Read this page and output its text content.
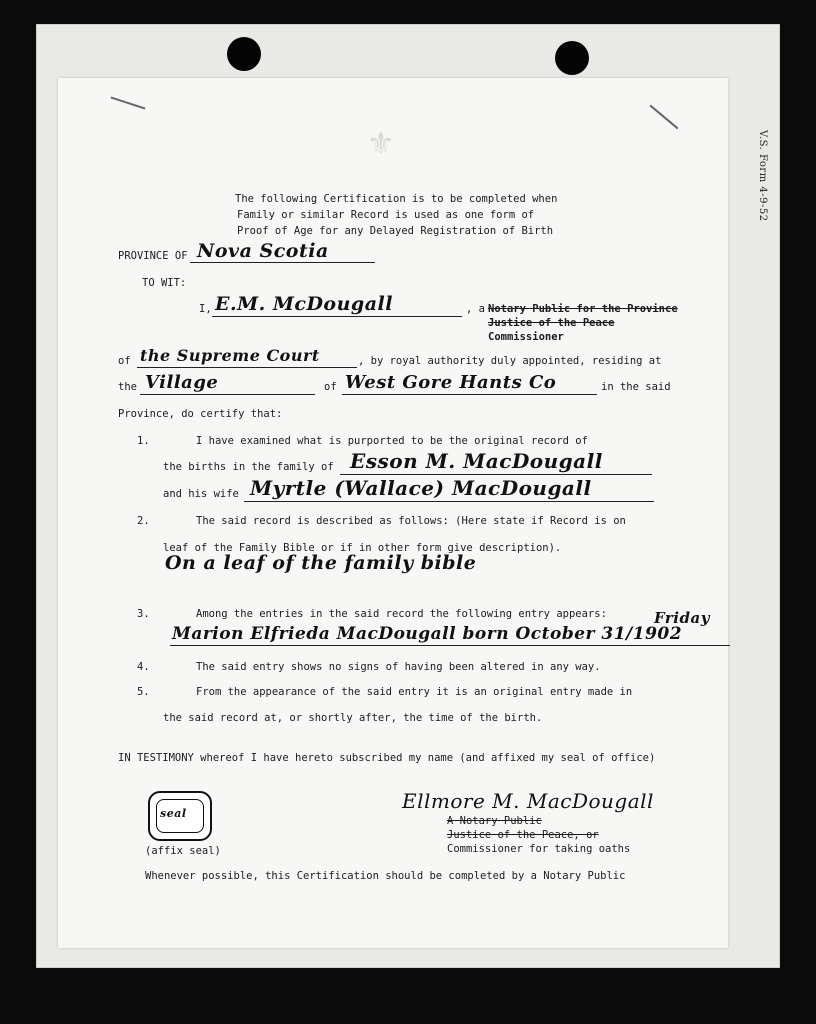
V.S. Form 4-9-52
⚜
The following Certification is to be completed when
Family or similar Record is used as one form of
Proof of Age for any Delayed Registration of Birth
PROVINCE OF Nova Scotia
TO WIT:
I, E.M. McDougall	, a Notary Public for the Province
Justice of the Peace
Commissioner
of the Supreme Court	, by royal authority duly appointed, residing at
the Village	of West Gore Hants Co	in the said
Province, do certify that:
1.	I have examined what is purported to be the original record of
the births in the family of Esson M. MacDougall
and his wife Myrtle (Wallace) MacDougall
2.	The said record is described as follows: (Here state if Record is on
leaf of the Family Bible or if in other form give description).
On a leaf of the family bible
3.	Among the entries in the said record the following entry appears:	Friday
Marion Elfrieda MacDougall born October 31/1902
4.	The said entry shows no signs of having been altered in any way.
5.	From the appearance of the said entry it is an original entry made in
the said record at, or shortly after, the time of the birth.
IN TESTIMONY whereof I have hereto subscribed my name (and affixed my seal of office)
seal
(affix seal)
Ellmore M. MacDougall
A Notary Public
Justice of the Peace, or
Commissioner for taking oaths
Whenever possible, this Certification should be completed by a Notary Public
